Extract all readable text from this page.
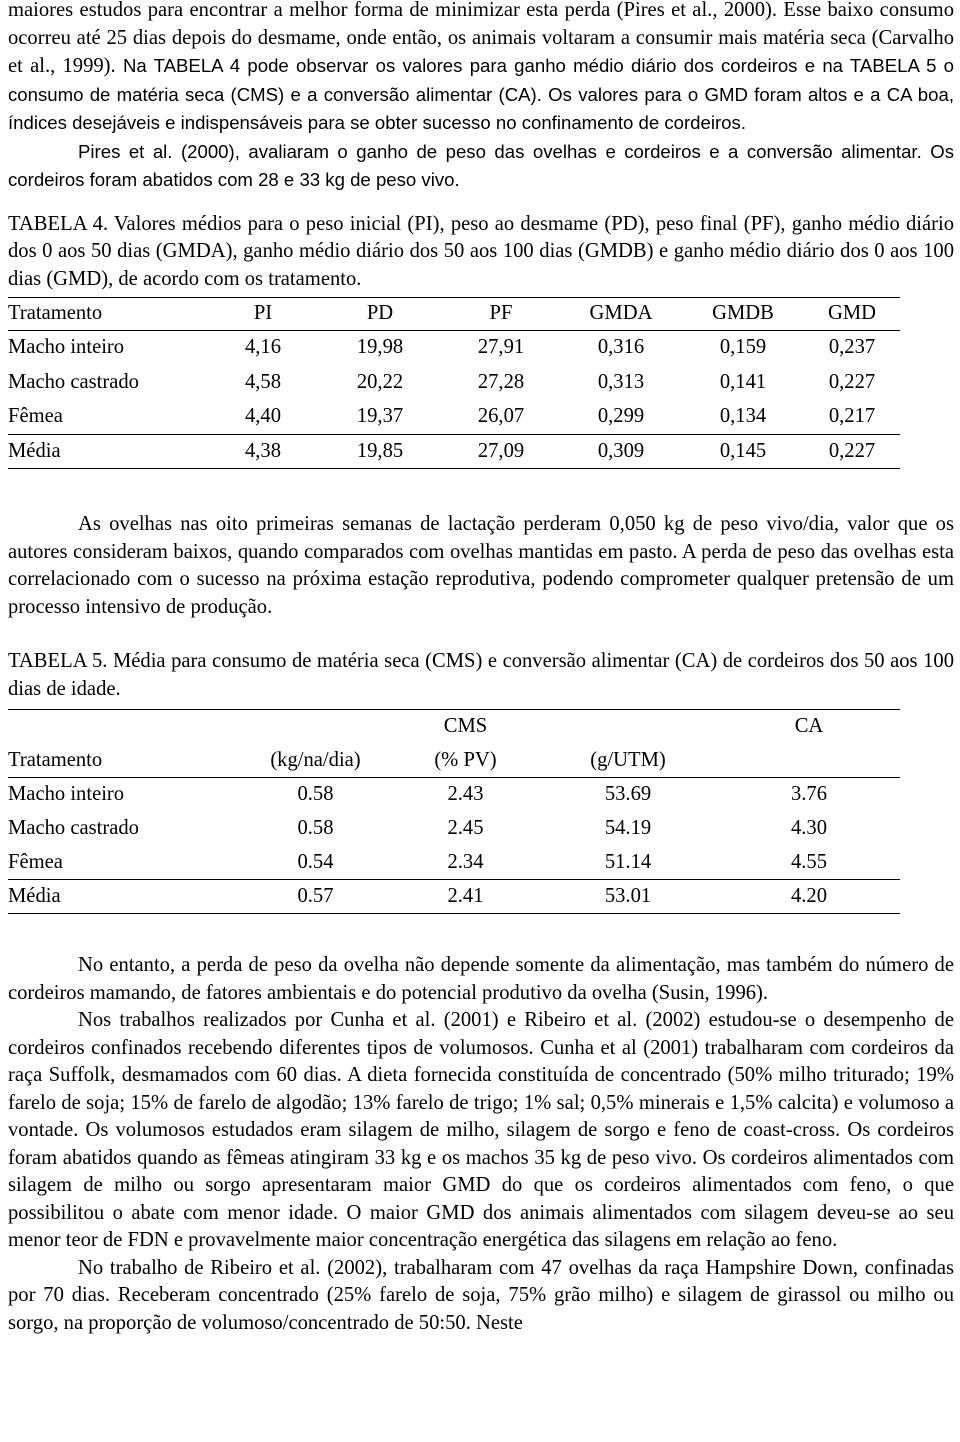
maiores estudos para encontrar a melhor forma de minimizar esta perda (Pires et al., 2000). Esse baixo consumo ocorreu até 25 dias depois do desmame, onde então, os animais voltaram a consumir mais matéria seca (Carvalho et al., 1999). Na TABELA 4 pode observar os valores para ganho médio diário dos cordeiros e na TABELA 5 o consumo de matéria seca (CMS) e a conversão alimentar (CA). Os valores para o GMD foram altos e a CA boa, índices desejáveis e indispensáveis para se obter sucesso no confinamento de cordeiros.

Pires et al. (2000), avaliaram o ganho de peso das ovelhas e cordeiros e a conversão alimentar. Os cordeiros foram abatidos com 28 e 33 kg de peso vivo.

TABELA 4. Valores médios para o peso inicial (PI), peso ao desmame (PD), peso final (PF), ganho médio diário dos 0 aos 50 dias (GMDA), ganho médio diário dos 50 aos 100 dias (GMDB) e ganho médio diário dos 0 aos 100 dias (GMD), de acordo com os tratamento.

Tratamento	PI	PD	PF	GMDA	GMDB	GMD
Macho inteiro	4,16	19,98	27,91	0,316	0,159	0,237
Macho castrado	4,58	20,22	27,28	0,313	0,141	0,227
Fêmea	4,40	19,37	26,07	0,299	0,134	0,217
Média	4,38	19,85	27,09	0,309	0,145	0,227

As ovelhas nas oito primeiras semanas de lactação perderam 0,050 kg de peso vivo/dia, valor que os autores consideram baixos, quando comparados com ovelhas mantidas em pasto. A perda de peso das ovelhas esta correlacionado com o sucesso na próxima estação reprodutiva, podendo comprometer qualquer pretensão de um processo intensivo de produção.

TABELA 5. Média para consumo de matéria seca (CMS) e conversão alimentar (CA) de cordeiros dos 50 aos 100 dias de idade.

		CMS		CA
Tratamento	(kg/na/dia)	(% PV)	(g/UTM)	
Macho inteiro	0.58	2.43	53.69	3.76
Macho castrado	0.58	2.45	54.19	4.30
Fêmea	0.54	2.34	51.14	4.55
Média	0.57	2.41	53.01	4.20

No entanto, a perda de peso da ovelha não depende somente da alimentação, mas também do número de cordeiros mamando, de fatores ambientais e do potencial produtivo da ovelha (Susin, 1996).

Nos trabalhos realizados por Cunha et al. (2001) e Ribeiro et al. (2002) estudou-se o desempenho de cordeiros confinados recebendo diferentes tipos de volumosos. Cunha et al (2001) trabalharam com cordeiros da raça Suffolk, desmamados com 60 dias. A dieta fornecida constituída de concentrado (50% milho triturado; 19% farelo de soja; 15% de farelo de algodão; 13% farelo de trigo; 1% sal; 0,5% minerais e 1,5% calcita) e volumoso a vontade. Os volumosos estudados eram silagem de milho, silagem de sorgo e feno de coast-cross. Os cordeiros foram abatidos quando as fêmeas atingiram 33 kg e os machos 35 kg de peso vivo. Os cordeiros alimentados com silagem de milho ou sorgo apresentaram maior GMD do que os cordeiros alimentados com feno, o que possibilitou o abate com menor idade. O maior GMD dos animais alimentados com silagem deveu-se ao seu menor teor de FDN e provavelmente maior concentração energética das silagens em relação ao feno.

No trabalho de Ribeiro et al. (2002), trabalharam com 47 ovelhas da raça Hampshire Down, confinadas por 70 dias. Receberam concentrado (25% farelo de soja, 75% grão milho) e silagem de girassol ou milho ou sorgo, na proporção de volumoso/concentrado de 50:50. Neste
